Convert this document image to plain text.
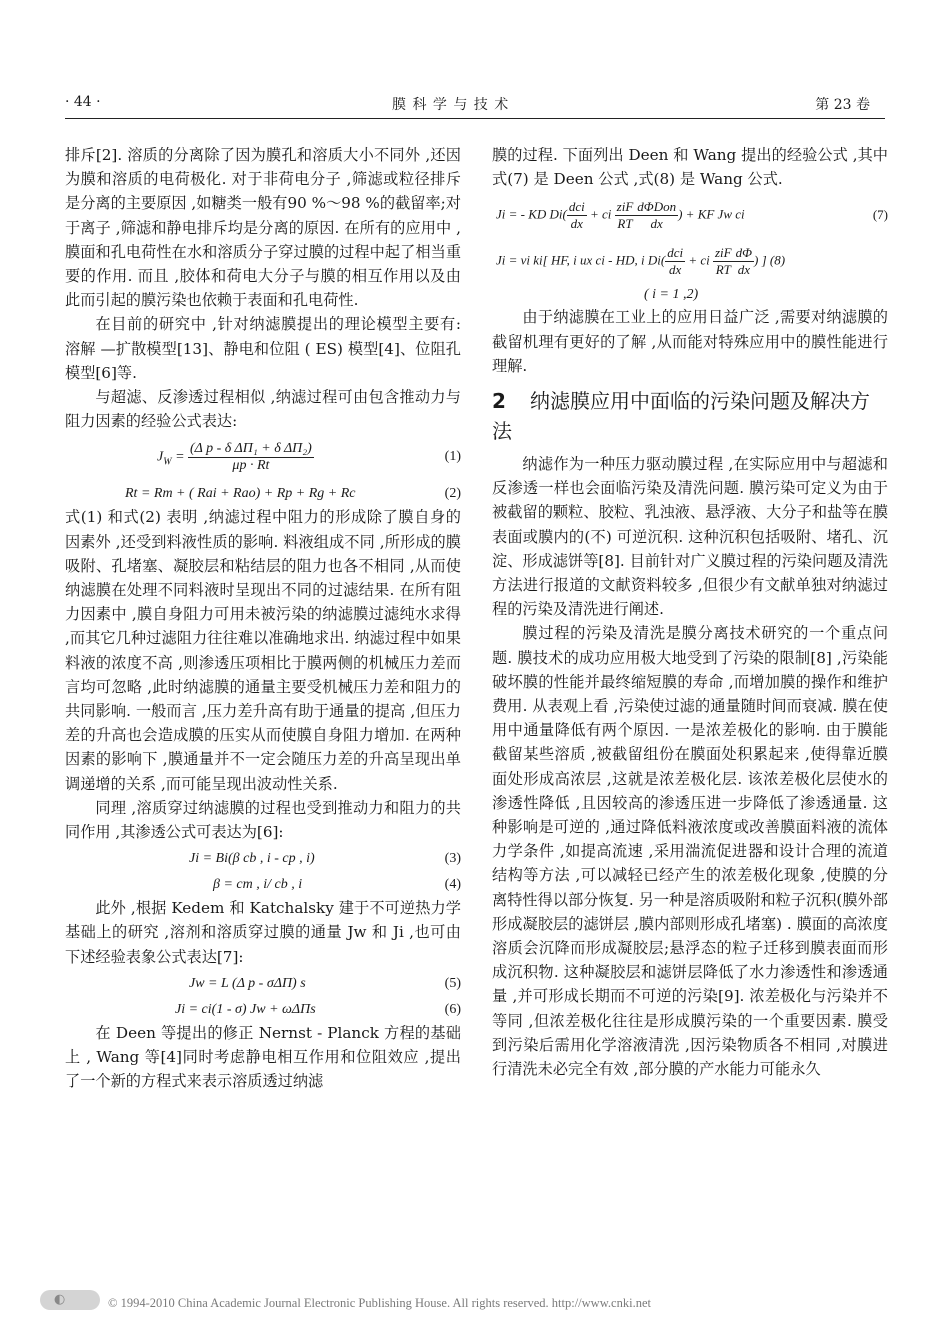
· 44 ·	膜 科 学 与 技 术	第 23 卷

排斥[2]. 溶质的分离除了因为膜孔和溶质大小不同外 ,还因为膜和溶质的电荷极化. 对于非荷电分子 ,筛滤或粒径排斥是分离的主要原因 ,如糖类一般有90 %～98 %的截留率;对于离子 ,筛滤和静电排斥均是分离的原因. 在所有的应用中 ,膜面和孔电荷性在水和溶质分子穿过膜的过程中起了相当重要的作用. 而且 ,胶体和荷电大分子与膜的相互作用以及由此而引起的膜污染也依赖于表面和孔电荷性.

在目前的研究中 ,针对纳滤膜提出的理论模型主要有: 溶解 —扩散模型[13]、静电和位阻 ( ES) 模型[4]、位阻孔模型[6]等.

与超滤、反渗透过程相似 ,纳滤过程可由包含推动力与阻力因素的经验公式表达:

$J_W = \frac{\text{(Δ p - δ ΔΠ₁ + δ ΔΠ₂)}}{\mu p \cdot Rt}$	(1)
Rt = Rm + ( Rai + Rao) + Rp + Rg + Rc	(2)

式(1) 和式(2) 表明 ,纳滤过程中阻力的形成除了膜自身的因素外 ,还受到料液性质的影响. 料液组成不同 ,所形成的膜吸附、孔堵塞、凝胶层和粘结层的阻力也各不相同 ,从而使纳滤膜在处理不同料液时呈现出不同的过滤结果. 在所有阻力因素中 ,膜自身阻力可用未被污染的纳滤膜过滤纯水求得 ,而其它几种过滤阻力往往难以准确地求出. 纳滤过程中如果料液的浓度不高 ,则渗透压项相比于膜两侧的机械压力差而言均可忽略 ,此时纳滤膜的通量主要受机械压力差和阻力的共同影响. 一般而言 ,压力差升高有助于通量的提高 ,但压力差的升高也会造成膜的压实从而使膜自身阻力增加. 在两种因素的影响下 ,膜通量并不一定会随压力差的升高呈现出单调递增的关系 ,而可能呈现出波动性关系.

同理 ,溶质穿过纳滤膜的过程也受到推动力和阻力的共同作用 ,其渗透公式可表达为[6]:

Ji = Bi(β cb , i - cp , i)	(3)
β = cm , i/ cb , i	(4)

此外 ,根据 Kedem 和 Katchalsky 建于不可逆热力学基础上的研究 ,溶剂和溶质穿过膜的通量 Jw 和 Ji ,也可由下述经验表象公式表达[7]:

Jw = L (Δ p - σΔΠ) s	(5)
Ji = ci(1 - σ) Jw + ωΔΠs	(6)

在 Deen 等提出的修正 Nernst - Planck 方程的基础上 , Wang 等[4]同时考虑静电相互作用和位阻效应 ,提出了一个新的方程式来表示溶质透过纳滤

膜的过程. 下面列出 Deen 和 Wang 提出的经验公式 ,其中式(7) 是 Deen 公式 ,式(8) 是 Wang 公式.

Ji = - KD $Di( \frac{\text{dci}}{dx}$ + ci $\frac{\text{ziF}}{RT} \frac{\text{dΦDon}}{dx}$ ) + KF Jw ci	(7)
Ji = vi ki[ HF, i ux ci - HD, i $Di( \frac{\text{dci}}{dx}$ + ci $\frac{\text{ziF}}{RT} \frac{d\Phi}{dx}$ ) ] (8)
( i = 1 ,2)

由于纳滤膜在工业上的应用日益广泛 ,需要对纳滤膜的截留机理有更好的了解 ,从而能对特殊应用中的膜性能进行理解.

2 纳滤膜应用中面临的污染问题及解决方法

纳滤作为一种压力驱动膜过程 ,在实际应用中与超滤和反渗透一样也会面临污染及清洗问题. 膜污染可定义为由于被截留的颗粒、胶粒、乳浊液、悬浮液、大分子和盐等在膜表面或膜内的(不) 可逆沉积. 这种沉积包括吸附、堵孔、沉淀、形成滤饼等[8]. 目前针对广义膜过程的污染问题及清洗方法进行报道的文献资料较多 ,但很少有文献单独对纳滤过程的污染及清洗进行阐述.

膜过程的污染及清洗是膜分离技术研究的一个重点问题. 膜技术的成功应用极大地受到了污染的限制[8] ,污染能破坏膜的性能并最终缩短膜的寿命 ,而增加膜的操作和维护费用. 从表观上看 ,污染使过滤的通量随时间而衰减. 膜在使用中通量降低有两个原因. 一是浓差极化的影响. 由于膜能截留某些溶质 ,被截留组份在膜面处积累起来 ,使得靠近膜面处形成高浓层 ,这就是浓差极化层. 该浓差极化层使水的渗透性降低 ,且因较高的渗透压进一步降低了渗透通量. 这种影响是可逆的 ,通过降低料液浓度或改善膜面料液的流体力学条件 ,如提高流速 ,采用湍流促进器和设计合理的流道结构等方法 ,可以减轻已经产生的浓差极化现象 ,使膜的分离特性得以部分恢复. 另一种是溶质吸附和粒子沉积(膜外部形成凝胶层的滤饼层 ,膜内部则形成孔堵塞) . 膜面的高浓度溶质会沉降而形成凝胶层;悬浮态的粒子迁移到膜表面而形成沉积物. 这种凝胶层和滤饼层降低了水力渗透性和渗透通量 ,并可形成长期而不可逆的污染[9]. 浓差极化与污染并不等同 ,但浓差极化往往是形成膜污染的一个重要因素. 膜受到污染后需用化学溶液清洗 ,因污染物质各不相同 ,对膜进行清洗未必完全有效 ,部分膜的产水能力可能永久

◐	© 1994-2010 China Academic Journal Electronic Publishing House. All rights reserved. http://www.cnki.net
